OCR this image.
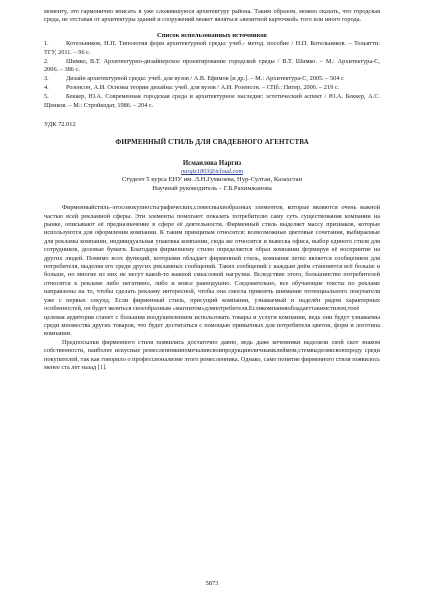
моменту, это гармонично вписать в уже сложившуюся архитектуру района. Таким образом, можно сказать, что городская среда, не отставая от архитектуры зданий и сооружений может являться «визитной карточкой» того или иного города.

Список использованных источников

1.	Котельников, Н.П. Типология форм архитектурной среды: учеб.- метод. пособие / Н.П. Котельников. – Тольятти: ТГУ, 2011. – 96 с.

2.	Шимко, В.Т. Архитектурно-дизайнерское проектирование городской среды / В.Т. Шимко. – М.: Архитектура-С, 2006. – 386 с.

3.	Дизайн архитектурной среды: учеб. для вузов / А.В. Ефимов [и др.]. – М.: Архитектура-С, 2005. – 504 с

4.	Розенсон, А.И. Основы теории дизайна: учеб. для вузов / А.И. Розенсон. – СПб.: Питер, 2006. – 219 с.

5.	Беккер, Ю.А. Современная городская среда и архитектурное наследие: эстетический аспект / Ю.А. Беккер, А.С. Щенков. – М.: Стройиздат, 1986. – 204 с.

УДК 72.012

ФИРМЕННЫЙ СТИЛЬ ДЛЯ СВАДЕБНОГО АГЕНТСТВА

Исмаилова Наргиз

nargiz1803@icloud.com

Студент 5 курса ЕНУ им. Л.Н.Гумилева, Нур-Султан, Казахстан

Научный руководитель – Г.Б.Рахимжанова

Фирменныйстиль–этосовокупностьграфических,словесныхиобразных элементов, которые являются очень важной частью всей рекламной сферы. Эти элементы помогают показать потребителю саму суть существования компании на рынке, описывают её предназначение в сфере её деятельности. Фирменный стиль выделяет массу признаков, которые используются для оформления компании. К таким принципам относятся: всевозможные цветовые сочетания, выбираемые для рекламы компании, индивидуальная упаковка компании, сюда же относятся и вывеска офиса, выбор единого стиля для сотрудников, деловые бумаги. Благодаря фирменному стилю определяется образ компании формируя её восприятие на других людей. Помимо всех функций, которыми обладает фирменный стиль, компания легко является сообщением для потребителя, выделяя его среди других рекламных сообщений. Таких сообщений с каждым днём становится всё больше и больше, но многие из них не несут какой-то важной смысловой нагрузки. Вследствие этого, большинство потребителей относятся к рекламе либо негативно, либо и вовсе равнодушно. Следовательно, все обучающие тексты по рекламе направлены на то, чтобы сделать рекламу интересной, чтобы она смогла привлечь внимание потенциального покупателя уже с первых секунд. Если фирменный стиль, присущий компании, узнаваемый и наделён рядом характерных особенностей, он будет являться своеобразным «магнитом»дляпотребителя.Есликомпанияобладаеттакимстилем,тоеё

целевая аудитория станет с большим воодушевлением использовать товары и услуги компании, ведь они будут узнаваемы среди множества других товаров, что будет достигаться с помощью привычных для потребителя цветов, форм и логотипа компании.

Предпосылки фирменного стиля появились достаточно давно, ведь даже кочевники наделяли свой скот знаком собственности, наиболее искусные ремесленникиномечаливсвоипродукциюличнымклеймом,стемвыделяясвоюпроду среди покупателей, так как говорило о профессионализме этого ремесленника. Однако, само понятие фирменного стиля появилось менее ста лет назад [1].

5873
